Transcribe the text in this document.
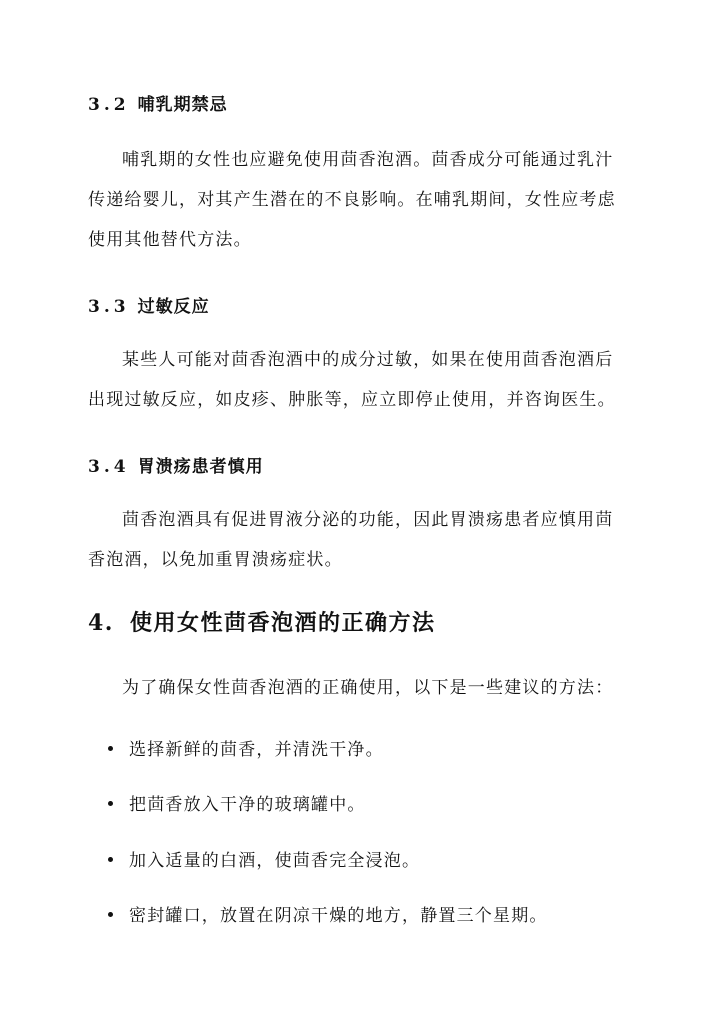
3.2 哺乳期禁忌
哺乳期的女性也应避免使用茴香泡酒。茴香成分可能通过乳汁
传递给婴儿，对其产生潜在的不良影响。在哺乳期间，女性应考虑
使用其他替代方法。
3.3 过敏反应
某些人可能对茴香泡酒中的成分过敏，如果在使用茴香泡酒后
出现过敏反应，如皮疹、肿胀等，应立即停止使用，并咨询医生。
3.4 胃溃疡患者慎用
茴香泡酒具有促进胃液分泌的功能，因此胃溃疡患者应慎用茴
香泡酒，以免加重胃溃疡症状。
4. 使用女性茴香泡酒的正确方法
为了确保女性茴香泡酒的正确使用，以下是一些建议的方法：
选择新鲜的茴香，并清洗干净。
把茴香放入干净的玻璃罐中。
加入适量的白酒，使茴香完全浸泡。
密封罐口，放置在阴凉干燥的地方，静置三个星期。
